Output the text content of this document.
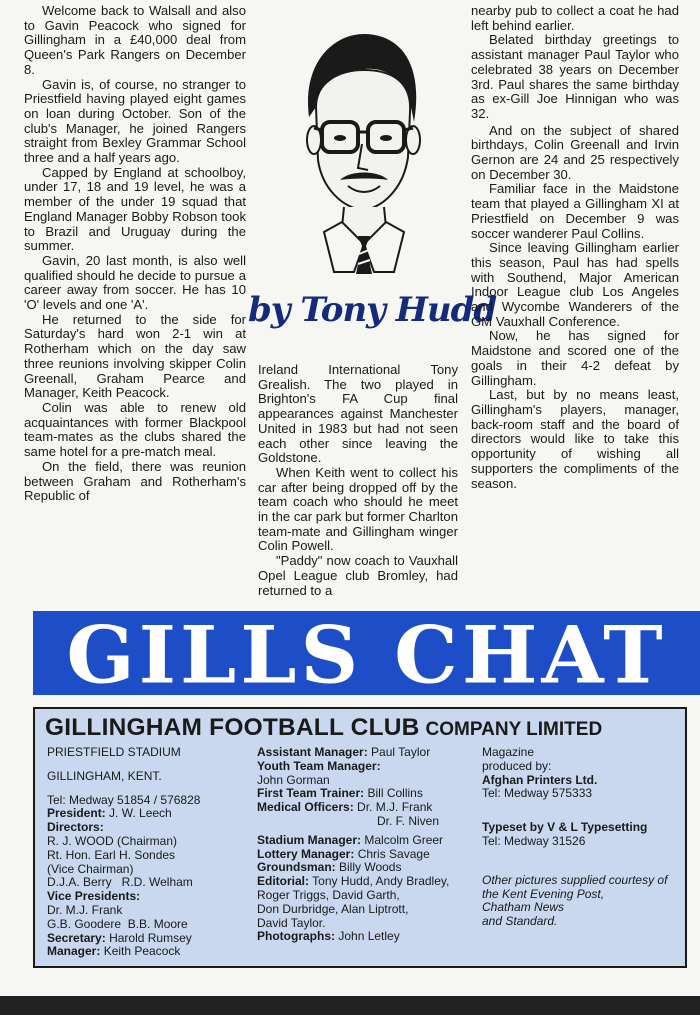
Welcome back to Walsall and also to Gavin Peacock who signed for Gillingham in a £40,000 deal from Queen's Park Rangers on December 8.

Gavin is, of course, no stranger to Priestfield having played eight games on loan during October. Son of the club's Manager, he joined Rangers straight from Bexley Grammar School three and a half years ago.

Capped by England at schoolboy, under 17, 18 and 19 level, he was a member of the under 19 squad that England Manager Bobby Robson took to Brazil and Uruguay during the summer.

Gavin, 20 last month, is also well qualified should he decide to pursue a career away from soccer. He has 10 'O' levels and one 'A'.

He returned to the side for Saturday's hard won 2-1 win at Rotherham which on the day saw three reunions involving skipper Colin Greenall, Graham Pearce and Manager, Keith Peacock.

Colin was able to renew old acquaintances with former Blackpool team-mates as the clubs shared the same hotel for a pre-match meal.

On the field, there was reunion between Graham and Rotherham's Republic of

by Tony Hudd

Ireland International Tony Grealish. The two played in Brighton's FA Cup final appearances against Manchester United in 1983 but had not seen each other since leaving the Goldstone.

When Keith went to collect his car after being dropped off by the team coach who should he meet in the car park but former Charlton team-mate and Gillingham winger Colin Powell.

"Paddy" now coach to Vauxhall Opel League club Bromley, had returned to a

nearby pub to collect a coat he had left behind earlier.

Belated birthday greetings to assistant manager Paul Taylor who celebrated 38 years on December 3rd. Paul shares the same birthday as ex-Gill Joe Hinnigan who was 32.

And on the subject of shared birthdays, Colin Greenall and Irvin Gernon are 24 and 25 respectively on December 30.

Familiar face in the Maidstone team that played a Gillingham XI at Priestfield on December 9 was soccer wanderer Paul Collins.

Since leaving Gillingham earlier this season, Paul has had spells with Southend, Major American Indoor League club Los Angeles and Wycombe Wanderers of the GM Vauxhall Conference.

Now, he has signed for Maidstone and scored one of the goals in their 4-2 defeat by Gillingham.

Last, but by no means least, Gillingham's players, manager, back-room staff and the board of directors would like to take this opportunity of wishing all supporters the compliments of the season.

GILLS CHAT
GILLINGHAM FOOTBALL CLUB COMPANY LIMITED
PRIESTFIELD STADIUM
GILLINGHAM, KENT.
Tel: Medway 51854 / 576828
President: J. W. Leech
Directors:
R. J. WOOD (Chairman)
Rt. Hon. Earl H. Sondes
(Vice Chairman)
D.J.A. Berry   R.D. Welham
Vice Presidents:
Dr. M.J. Frank
G.B. Goodere  B.B. Moore
Secretary: Harold Rumsey
Manager: Keith Peacock
Assistant Manager: Paul Taylor
Youth Team Manager:
John Gorman
First Team Trainer: Bill Collins
Medical Officers: Dr. M.J. Frank
Dr. F. Niven
Stadium Manager: Malcolm Greer
Lottery Manager: Chris Savage
Groundsman: Billy Woods
Editorial: Tony Hudd, Andy Bradley,
Roger Triggs, David Garth,
Don Durbridge, Alan Liptrott,
David Taylor.
Photographs: John Letley
Magazine
produced by:
Afghan Printers Ltd.
Tel: Medway 575333
Typeset by V & L Typesetting
Tel: Medway 31526
Other pictures supplied courtesy of
the Kent Evening Post,
Chatham News
and Standard.
